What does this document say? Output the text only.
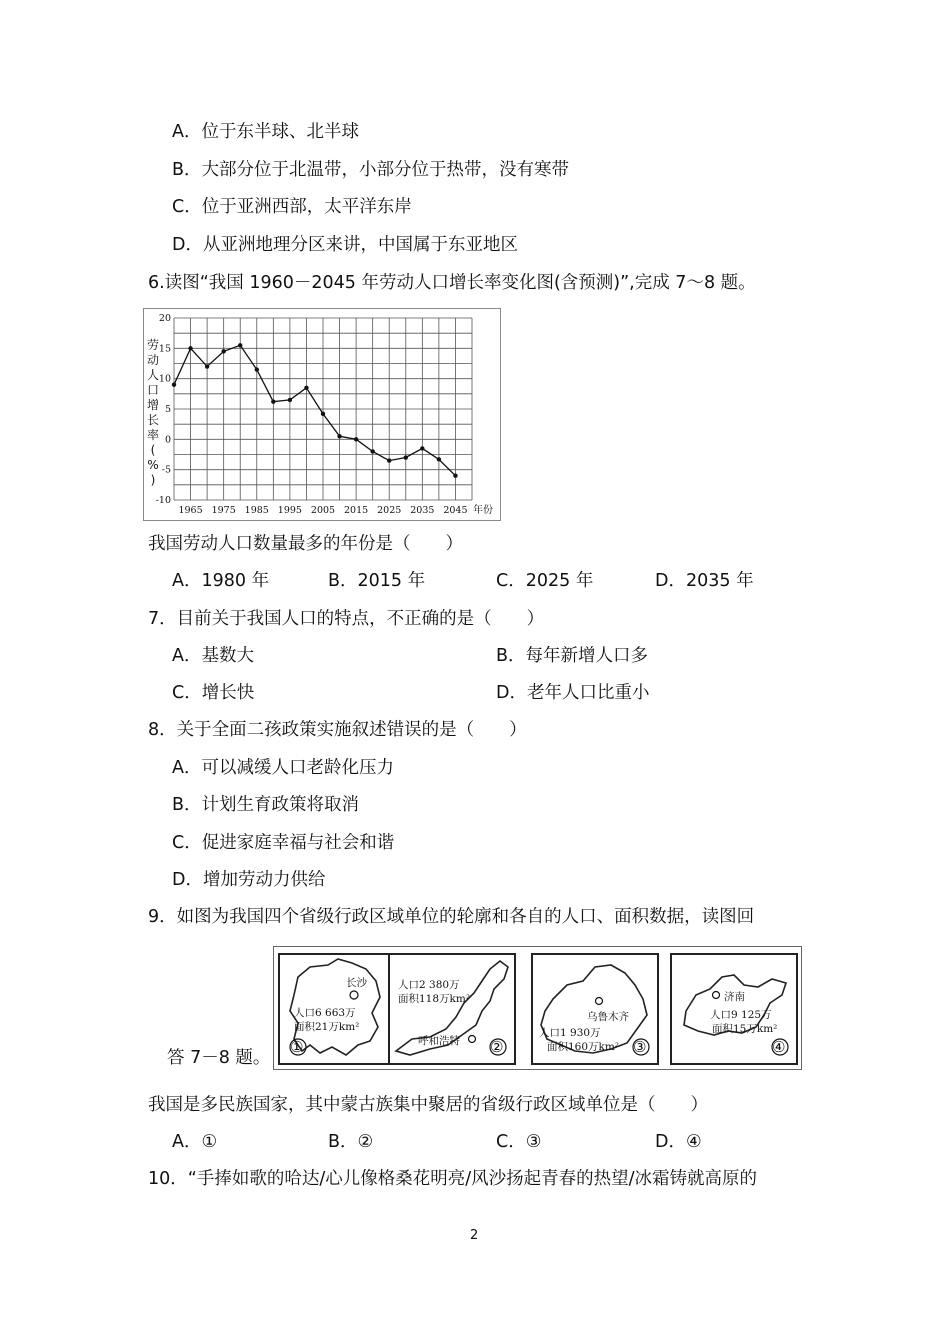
A．位于东半球、北半球
B．大部分位于北温带，小部分位于热带，没有寒带
C．位于亚洲西部，太平洋东岸
D．从亚洲地理分区来讲，中国属于东亚地区
6.读图“我国 1960－2045 年劳动人口增长率变化图(含预测)”,完成 7～8 题。
20
15
10
5
0
-5
-10
1965 1975 1985 1995 2005 2015 2025 2035 2045 年份
劳
动
人
口
增
长
率
(
%
)
我国劳动人口数量最多的年份是（　　）
A．1980 年	B．2015 年	C．2025 年	D．2035 年
7．目前关于我国人口的特点，不正确的是（　　）
A．基数大	B．每年新增人口多
C．增长快	D．老年人口比重小
8．关于全面二孩政策实施叙述错误的是（　　）
A．可以减缓人口老龄化压力
B．计划生育政策将取消
C．促进家庭幸福与社会和谐
D．增加劳动力供给
9．如图为我国四个省级行政区域单位的轮廓和各自的人口、面积数据，读图回
长沙
人口6 663万
面积21万km²
①
人口2 380万
面积118万km²
呼和浩特 ②
乌鲁木齐
人口1 930万
面积160万km² ③
济南
人口9 125万
面积15万km²
④
答 7－8 题。
我国是多民族国家，其中蒙古族集中聚居的省级行政区域单位是（　　）
A．①	B．②	C．③	D．④
10．“手捧如歌的哈达/心儿像格桑花明亮/风沙扬起青春的热望/冰霜铸就高原的
2
